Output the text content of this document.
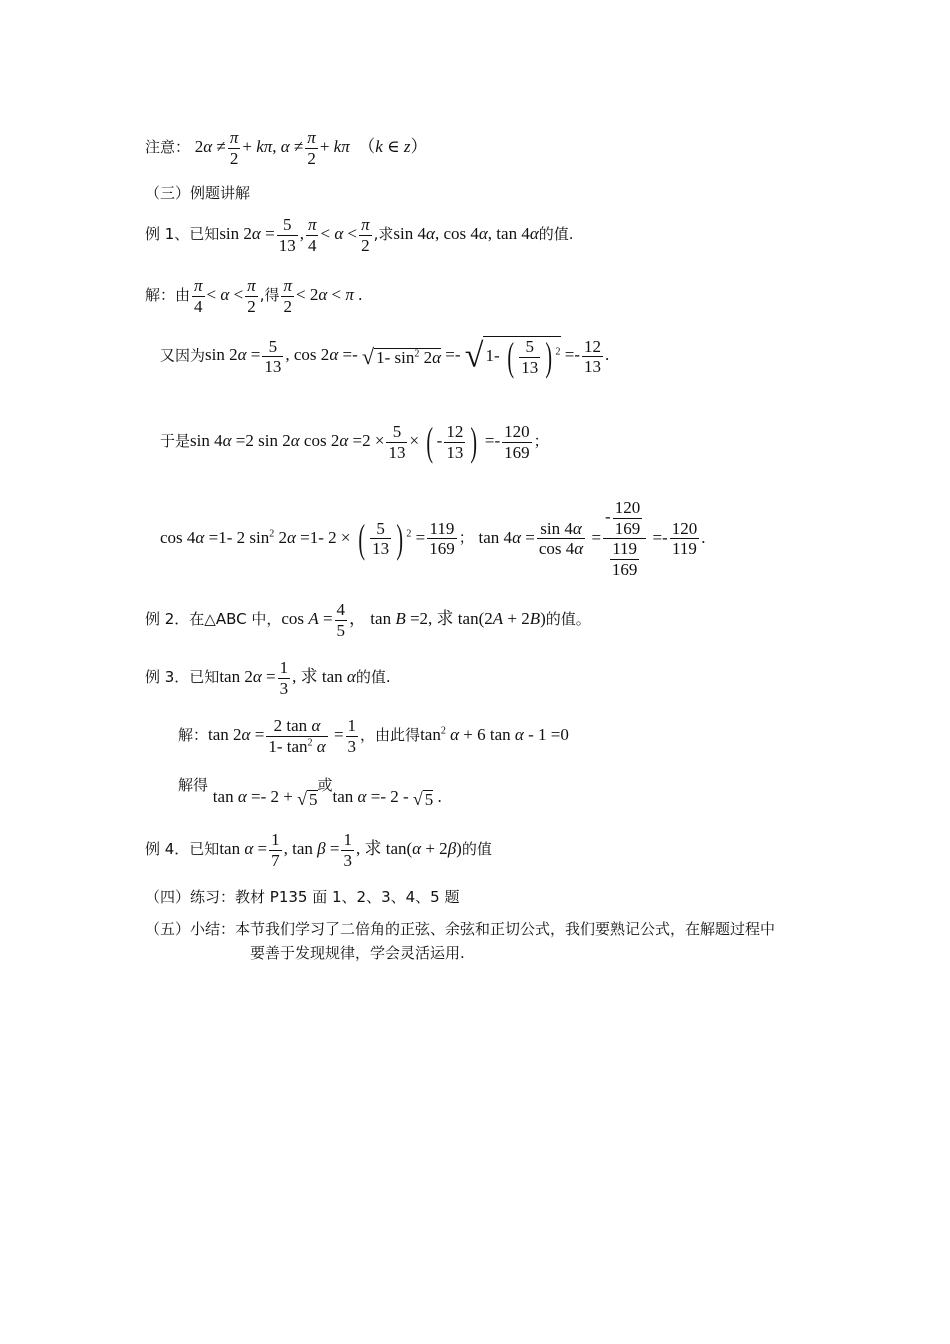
注意： $2\alpha \ne \frac{\pi}{2} + k\pi$, $\alpha \ne \frac{\pi}{2} + k\pi$  （k ∈ z）
（三）例题讲解
例 1、已知$\sin 2\alpha = \frac{5}{13}$ , $\frac{\pi}{4} < \alpha < \frac{\pi}{2}$ ,求sin 4α, cos 4α, tan 4α的值.
解：由 $\frac{\pi}{4} < \alpha < \frac{\pi}{2}$ ,得 $\frac{\pi}{2} < 2\alpha < \pi$ .
又因为$\sin 2\alpha = \frac{5}{13}$ , cos 2α =- √ 1- $\sin^2 2\alpha$ =- √ 1- ( $\frac{5}{13}$ ) $^2 =- \frac{12}{13}$ .
于是sin 4α =2 sin 2α $\cos 2\alpha =2 \times \frac{5}{13}$ × ( - $\frac{12}{13}$ ) =- $\frac{120}{169}$ ；
cos 4α =1- 2 $\sin^2 2\alpha =1-$ 2 × ( $\frac{5}{13}$ ) $^2 = \frac{119}{169}$ ； $\tan 4\alpha = \frac{\sin 4\alpha}{\cos 4\alpha} = \frac{- \frac{120}{169}}{\frac{119}{169}} =- \frac{120}{119}$ .
例 2．在△ABC 中，$\cos A = \frac{4}{5}$ ， tan B =2, 求 tan(2A + 2B)的值。
例 3．已知$\tan 2\alpha = \frac{1}{3}$ , 求 tan α的值.
解：$\tan 2\alpha = \frac{\text{2 tan α}}{1- \tan^2 \alpha} = \frac{1}{3}$ ，由此得$\tan^2 \alpha + 6$ tan α - 1 =0
解得 tan α =- 2 + √ 5或tan α =- 2 - √ 5 .
例 4．已知$\tan \alpha = \frac{1}{7}$ , $\tan \beta = \frac{1}{3}$ , 求 tan(α + 2β)的值
（四）练习：教材 P135 面 1、2、3、4、5 题
（五）小结：本节我们学习了二倍角的正弦、余弦和正切公式，我们要熟记公式，在解题过程中
要善于发现规律，学会灵活运用.
